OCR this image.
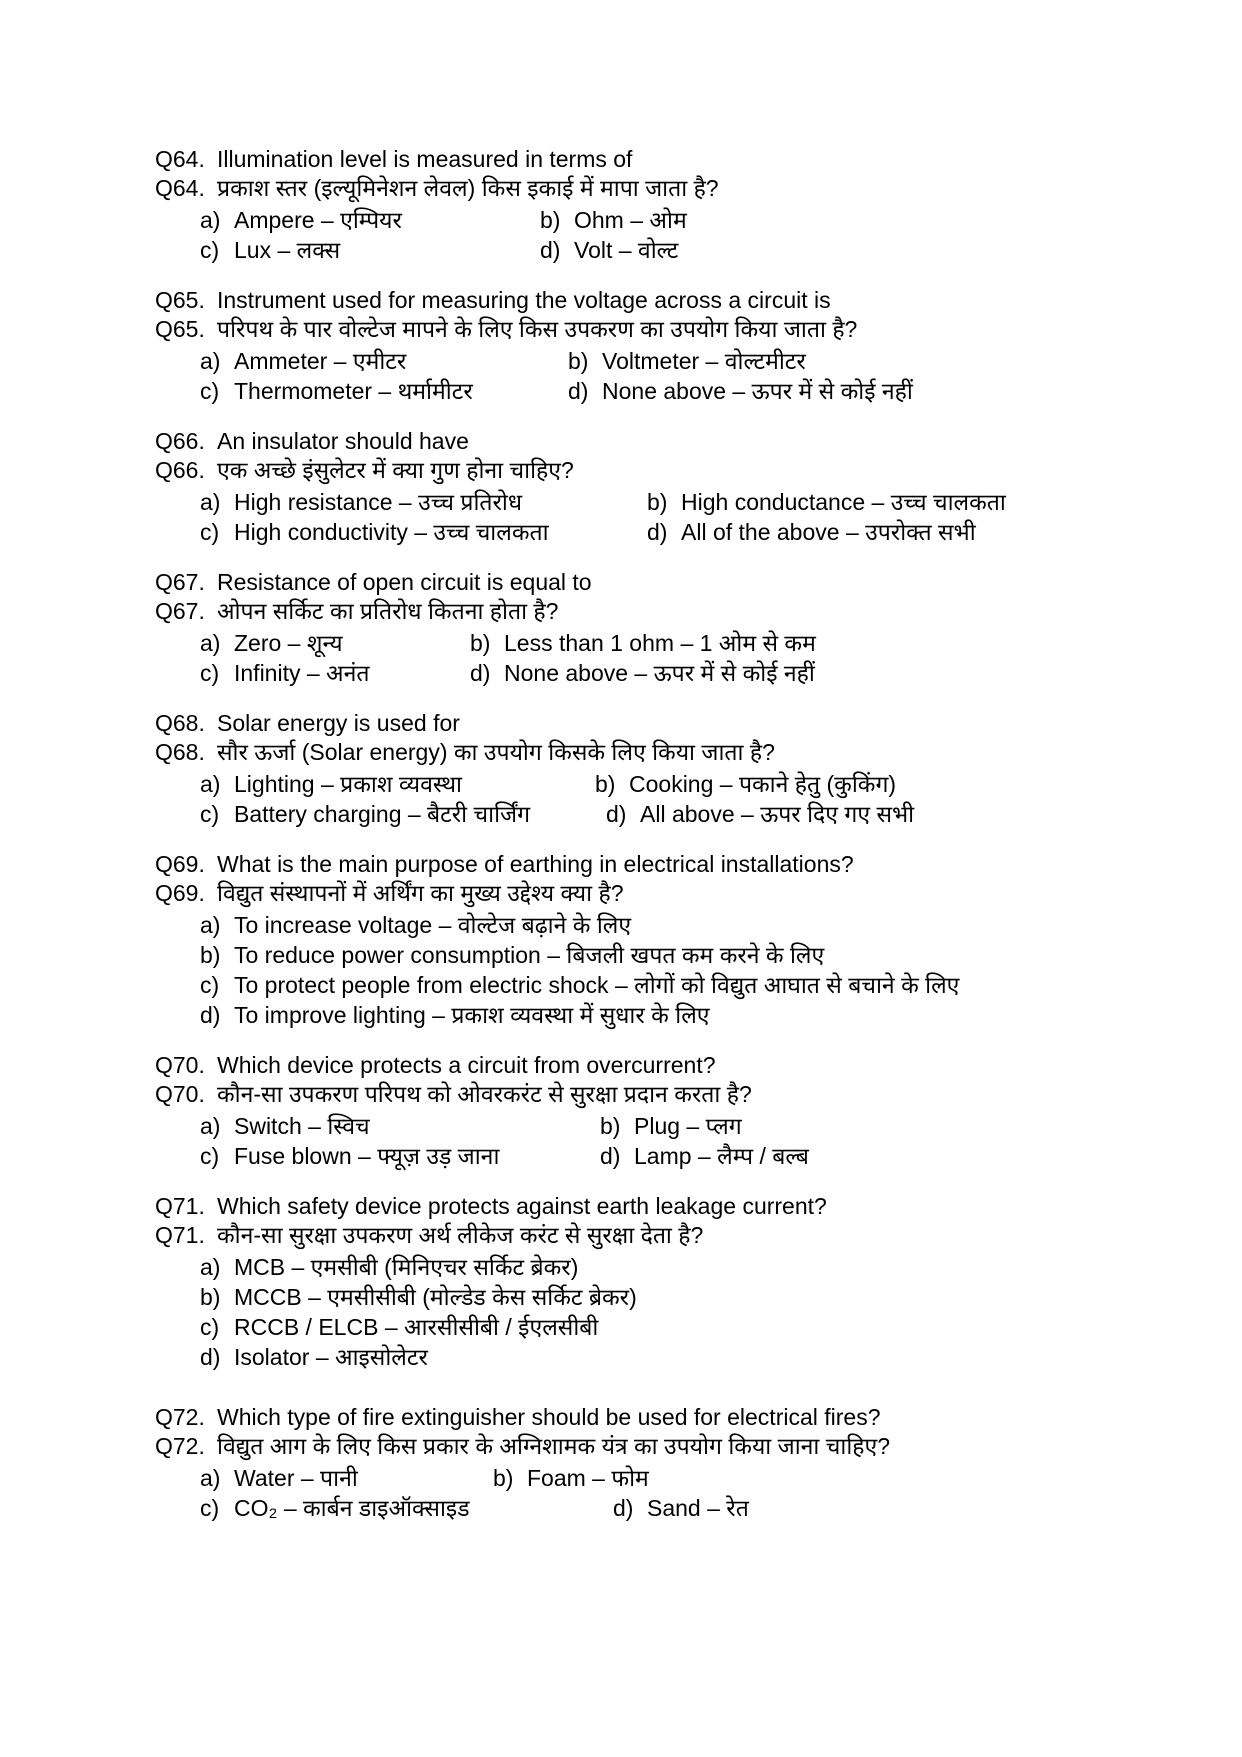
Q64. Illumination level is measured in terms of
Q64. प्रकाश स्तर (इल्यूमिनेशन लेवल) किस इकाई में मापा जाता है?
a) Ampere – एम्पियर	b) Ohm – ओम
c) Lux – लक्स	d) Volt – वोल्ट
Q65. Instrument used for measuring the voltage across a circuit is
Q65. परिपथ के पार वोल्टेज मापने के लिए किस उपकरण का उपयोग किया जाता है?
a) Ammeter – एमीटर	b) Voltmeter – वोल्टमीटर
c) Thermometer – थर्मामीटर	d) None above – ऊपर में से कोई नहीं
Q66. An insulator should have
Q66. एक अच्छे इंसुलेटर में क्या गुण होना चाहिए?
a) High resistance – उच्च प्रतिरोध	b) High conductance – उच्च चालकता
c) High conductivity – उच्च चालकता	d) All of the above – उपरोक्त सभी
Q67. Resistance of open circuit is equal to
Q67. ओपन सर्किट का प्रतिरोध कितना होता है?
a) Zero – शून्य	b) Less than 1 ohm – 1 ओम से कम
c) Infinity – अनंत	d) None above – ऊपर में से कोई नहीं
Q68. Solar energy is used for
Q68. सौर ऊर्जा (Solar energy) का उपयोग किसके लिए किया जाता है?
a) Lighting – प्रकाश व्यवस्था	b) Cooking – पकाने हेतु (कुकिंग)
c) Battery charging – बैटरी चार्जिंग	d) All above – ऊपर दिए गए सभी
Q69. What is the main purpose of earthing in electrical installations?
Q69. विद्युत संस्थापनों में अर्थिंग का मुख्य उद्देश्य क्या है?
a) To increase voltage – वोल्टेज बढ़ाने के लिए
b) To reduce power consumption – बिजली खपत कम करने के लिए
c) To protect people from electric shock – लोगों को विद्युत आघात से बचाने के लिए
d) To improve lighting – प्रकाश व्यवस्था में सुधार के लिए
Q70. Which device protects a circuit from overcurrent?
Q70. कौन-सा उपकरण परिपथ को ओवरकरंट से सुरक्षा प्रदान करता है?
a) Switch – स्विच	b) Plug – प्लग
c) Fuse blown – फ्यूज़ उड़ जाना	d) Lamp – लैम्प / बल्ब
Q71. Which safety device protects against earth leakage current?
Q71. कौन-सा सुरक्षा उपकरण अर्थ लीकेज करंट से सुरक्षा देता है?
a) MCB – एमसीबी (मिनिएचर सर्किट ब्रेकर)
b) MCCB – एमसीसीबी (मोल्डेड केस सर्किट ब्रेकर)
c) RCCB / ELCB – आरसीसीबी / ईएलसीबी
d) Isolator – आइसोलेटर
Q72. Which type of fire extinguisher should be used for electrical fires?
Q72. विद्युत आग के लिए किस प्रकार के अग्निशामक यंत्र का उपयोग किया जाना चाहिए?
a) Water – पानी	b) Foam – फोम
c) CO₂ – कार्बन डाइऑक्साइड	d) Sand – रेत
